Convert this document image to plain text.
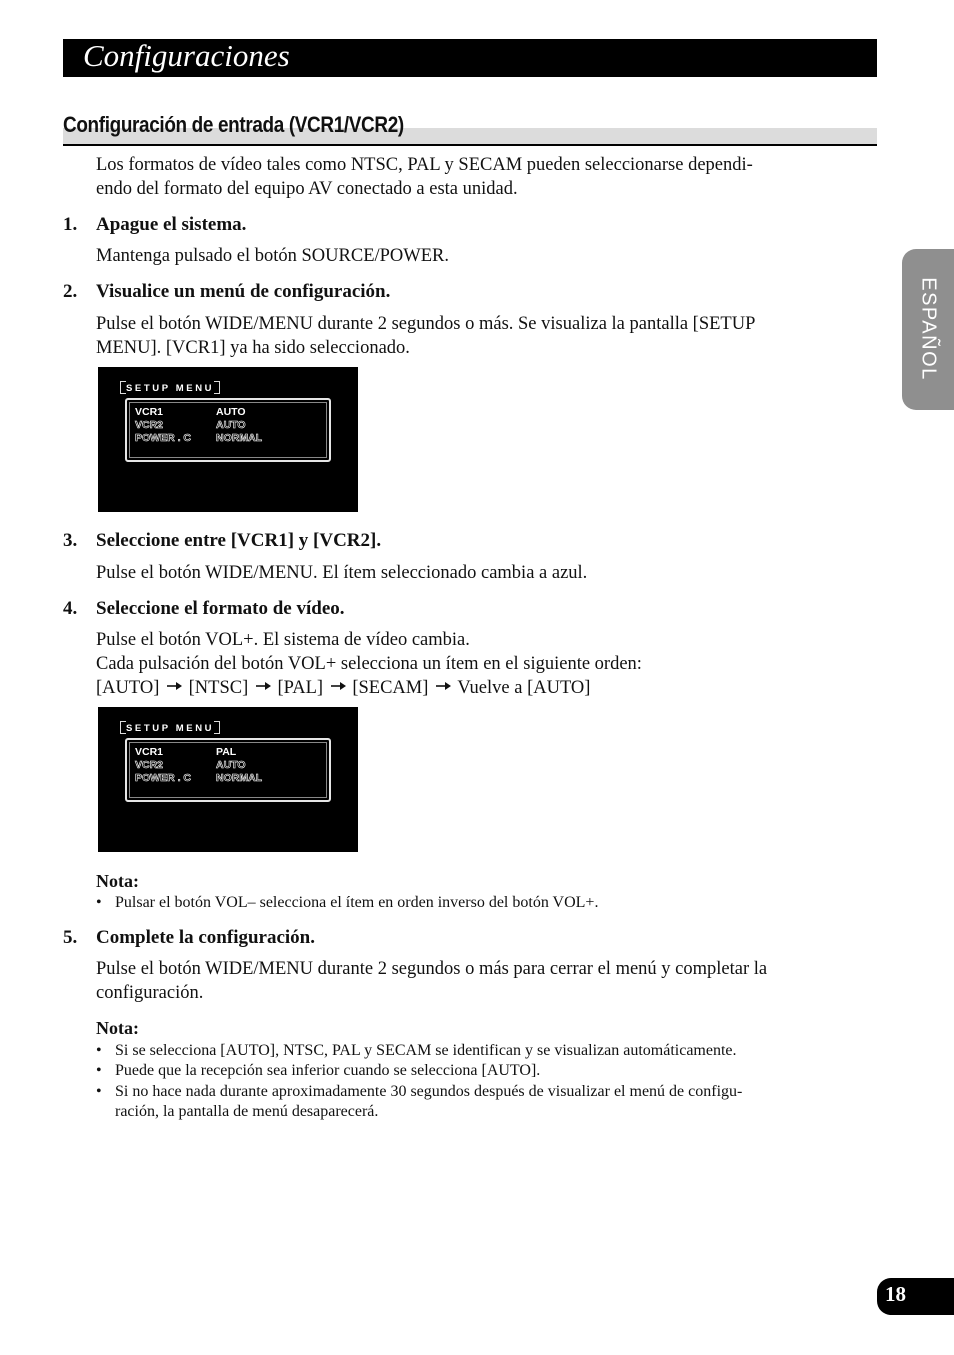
Configuraciones
Configuración de entrada (VCR1/VCR2)
Los formatos de vídeo tales como NTSC, PAL y SECAM pueden seleccionarse dependi-
endo del formato del equipo AV conectado a esta unidad.
1. Apague el sistema.
Mantenga pulsado el botón SOURCE/POWER.
2. Visualice un menú de configuración.
Pulse el botón WIDE/MENU durante 2 segundos o más. Se visualiza la pantalla [SETUP
MENU]. [VCR1] ya ha sido seleccionado.
SETUP MENU
VCR1	AUTO
VCR2	AUTO
POWER . C NORMAL
3. Seleccione entre [VCR1] y [VCR2].
Pulse el botón WIDE/MENU. El ítem seleccionado cambia a azul.
4. Seleccione el formato de vídeo.
Pulse el botón VOL+. El sistema de vídeo cambia.
Cada pulsación del botón VOL+ selecciona un ítem en el siguiente orden:
[AUTO] [NTSC] [PAL] [SECAM] Vuelve a [AUTO]
SETUP MENU
VCR1	PAL
VCR2	AUTO
POWER . C NORMAL
Nota:
• Pulsar el botón VOL– selecciona el ítem en orden inverso del botón VOL+.
5. Complete la configuración.
Pulse el botón WIDE/MENU durante 2 segundos o más para cerrar el menú y completar la
configuración.
Nota:
• Si se selecciona [AUTO], NTSC, PAL y SECAM se identifican y se visualizan automáticamente.
• Puede que la recepción sea inferior cuando se selecciona [AUTO].
• Si no hace nada durante aproximadamente 30 segundos después de visualizar el menú de configu-
ración, la pantalla de menú desaparecerá.
ESPAÑOL
18
